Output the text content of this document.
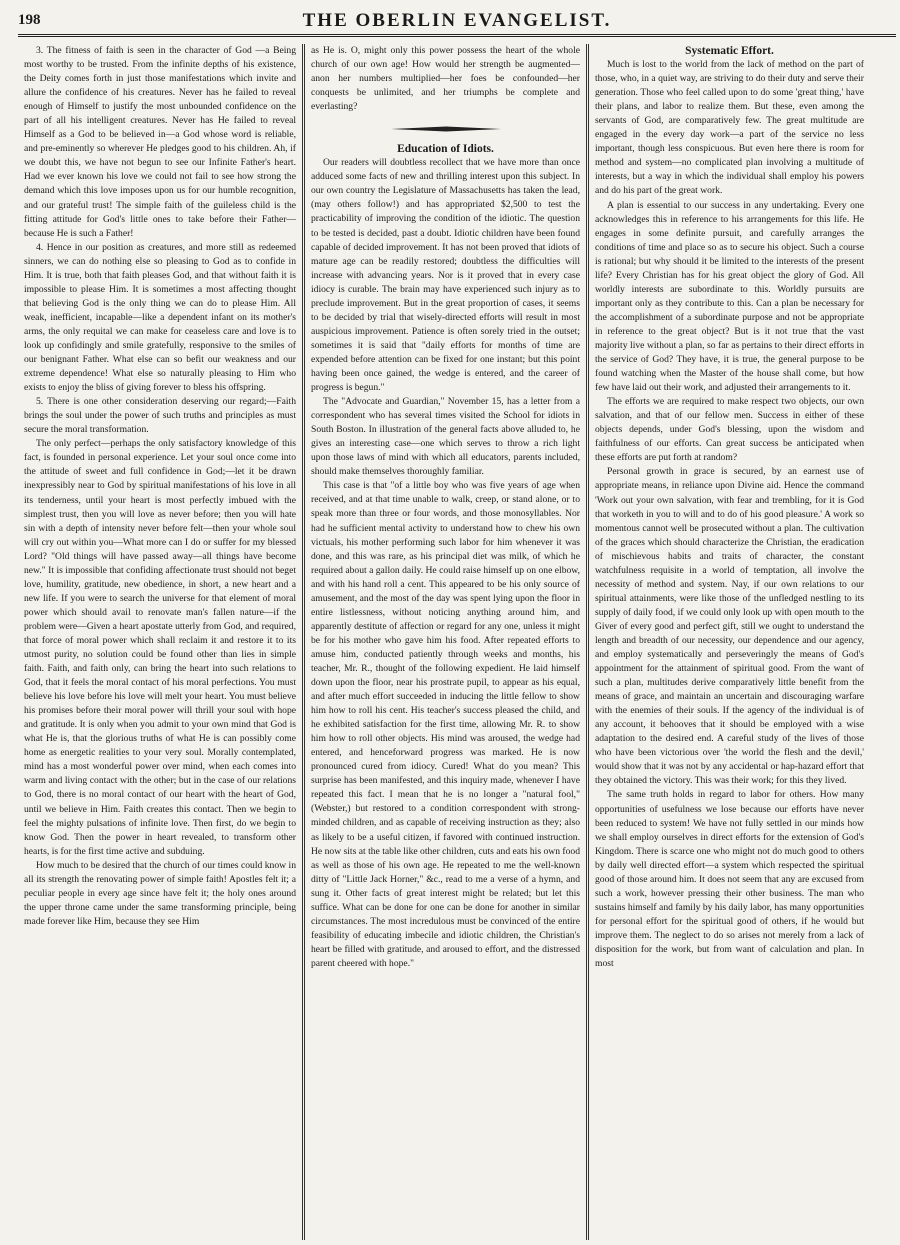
198	THE OBERLIN EVANGELIST.

3. The fitness of faith is seen in the character of God —a Being most worthy to be trusted. From the infinite depths of his existence, the Deity comes forth in just those manifestations which invite and allure the confidence of his creatures. Never has he failed to reveal enough of Himself to justify the most unbounded confidence on the part of all his intelligent creatures. Never has He failed to reveal Himself as a God to be believed in—a God whose word is reliable, and pre-eminently so wherever He pledges good to his children. Ah, if we doubt this, we have not begun to see our Infinite Father's heart. Had we ever known his love we could not fail to see how strong the demand which this love imposes upon us for our humble recognition, and our grateful trust! The simple faith of the guileless child is the fitting attitude for God's little ones to take before their Father—because He is such a Father!

4. Hence in our position as creatures, and more still as redeemed sinners, we can do nothing else so pleasing to God as to confide in Him. It is true, both that faith pleases God, and that without faith it is impossible to please Him. It is sometimes a most affecting thought that believing God is the only thing we can do to please Him. All weak, inefficient, incapable—like a dependent infant on its mother's arms, the only requital we can make for ceaseless care and love is to look up confidingly and smile gratefully, responsive to the smiles of our benignant Father. What else can so befit our weakness and our extreme dependence! What else so naturally pleasing to Him who exists to enjoy the bliss of giving forever to bless his offspring.

5. There is one other consideration deserving our regard;—Faith brings the soul under the power of such truths and principles as must secure the moral transformation.

The only perfect—perhaps the only satisfactory knowledge of this fact, is founded in personal experience. Let your soul once come into the attitude of sweet and full confidence in God;—let it be drawn inexpressibly near to God by spiritual manifestations of his love in all its tenderness, until your heart is most perfectly imbued with the simplest trust, then you will love as never before; then you will hate sin with a depth of intensity never before felt—then your whole soul will cry out within you—What more can I do or suffer for my blessed Lord? "Old things will have passed away—all things have become new." It is impossible that confiding affectionate trust should not beget love, humility, gratitude, new obedience, in short, a new heart and a new life. If you were to search the universe for that element of moral power which should avail to renovate man's fallen nature—if the problem were—Given a heart apostate utterly from God, and required, that force of moral power which shall reclaim it and restore it to its utmost purity, no solution could be found other than lies in simple faith. Faith, and faith only, can bring the heart into such relations to God, that it feels the moral contact of his moral perfections. You must believe his love before his love will melt your heart. You must believe his promises before their moral power will thrill your soul with hope and gratitude. It is only when you admit to your own mind that God is what He is, that the glorious truths of what He is can possibly come home as energetic realities to your very soul. Morally contemplated, mind has a most wonderful power over mind, when each comes into warm and living contact with the other; but in the case of our relations to God, there is no moral contact of our heart with the heart of God, until we believe in Him. Faith creates this contact. Then we begin to feel the mighty pulsations of infinite love. Then first, do we begin to know God. Then the power in heart revealed, to transform other hearts, is for the first time active and subduing.

How much to be desired that the church of our times could know in all its strength the renovating power of simple faith! Apostles felt it; a peculiar people in every age since have felt it; the holy ones around the upper throne came under the same transforming principle, being made forever like Him, because they see Him

as He is. O, might only this power possess the heart of the whole church of our own age! How would her strength be augmented—anon her numbers multiplied—her foes be confounded—her conquests be unlimited, and her triumphs be complete and everlasting?

Education of Idiots.

Our readers will doubtless recollect that we have more than once adduced some facts of new and thrilling interest upon this subject. In our own country the Legislature of Massachusetts has taken the lead, (may others follow!) and has appropriated $2,500 to test the practicability of improving the condition of the idiotic. The question to be tested is decided, past a doubt. Idiotic children have been found capable of decided improvement. It has not been proved that idiots of mature age can be readily restored; doubtless the difficulties will increase with advancing years. Nor is it proved that in every case idiocy is curable. The brain may have experienced such injury as to preclude improvement. But in the great proportion of cases, it seems to be decided by trial that wisely-directed efforts will result in most auspicious improvement. Patience is often sorely tried in the outset; sometimes it is said that "daily efforts for months of time are expended before attention can be fixed for one instant; but this point having been once gained, the wedge is entered, and the career of progress is begun."

The "Advocate and Guardian," November 15, has a letter from a correspondent who has several times visited the School for idiots in South Boston. In illustration of the general facts above alluded to, he gives an interesting case—one which serves to throw a rich light upon those laws of mind with which all educators, parents included, should make themselves thoroughly familiar.

This case is that "of a little boy who was five years of age when received, and at that time unable to walk, creep, or stand alone, or to speak more than three or four words, and those monosyllables. Nor had he sufficient mental activity to understand how to chew his own victuals, his mother performing such labor for him whenever it was done, and this was rare, as his principal diet was milk, of which he required about a gallon daily. He could raise himself up on one elbow, and with his hand roll a cent. This appeared to be his only source of amusement, and the most of the day was spent lying upon the floor in entire listlessness, without noticing anything around him, and apparently destitute of affection or regard for any one, unless it might be for his mother who gave him his food. After repeated efforts to amuse him, conducted patiently through weeks and months, his teacher, Mr. R., thought of the following expedient. He laid himself down upon the floor, near his prostrate pupil, to appear as his equal, and after much effort succeeded in inducing the little fellow to show him how to roll his cent. His teacher's success pleased the child, and he exhibited satisfaction for the first time, allowing Mr. R. to show him how to roll other objects. His mind was aroused, the wedge had entered, and henceforward progress was marked. He is now pronounced cured from idiocy. Cured! What do you mean? This surprise has been manifested, and this inquiry made, whenever I have repeated this fact. I mean that he is no longer a "natural fool," (Webster,) but restored to a condition correspondent with strong-minded children, and as capable of receiving instruction as they; also as likely to be a useful citizen, if favored with continued instruction. He now sits at the table like other children, cuts and eats his own food as well as those of his own age. He repeated to me the well-known ditty of "Little Jack Horner," &c., read to me a verse of a hymn, and sung it. Other facts of great interest might be related; but let this suffice. What can be done for one can be done for another in similar circumstances. The most incredulous must be convinced of the entire feasibility of educating imbecile and idiotic children, the Christian's heart be filled with gratitude, and aroused to effort, and the distressed parent cheered with hope."

Systematic Effort.

Much is lost to the world from the lack of method on the part of those, who, in a quiet way, are striving to do their duty and serve their generation. Those who feel called upon to do some 'great thing,' have their plans, and labor to realize them. But these, even among the servants of God, are comparatively few. The great multitude are engaged in the every day work—a part of the service no less important, though less conspicuous. But even here there is room for method and system—no complicated plan involving a multitude of interests, but a way in which the individual shall employ his powers and do his part of the great work.

A plan is essential to our success in any undertaking. Every one acknowledges this in reference to his arrangements for this life. He engages in some definite pursuit, and carefully arranges the conditions of time and place so as to secure his object. Such a course is rational; but why should it be limited to the interests of the present life? Every Christian has for his great object the glory of God. All worldly interests are subordinate to this. Worldly pursuits are important only as they contribute to this. Can a plan be necessary for the accomplishment of a subordinate purpose and not be appropriate in reference to the great object? But is it not true that the vast majority live without a plan, so far as pertains to their direct efforts in the service of God? They have, it is true, the general purpose to be found watching when the Master of the house shall come, but how few have laid out their work, and adjusted their arrangements to it.

The efforts we are required to make respect two objects, our own salvation, and that of our fellow men. Success in either of these objects depends, under God's blessing, upon the wisdom and faithfulness of our efforts. Can great success be anticipated when these efforts are put forth at random?

Personal growth in grace is secured, by an earnest use of appropriate means, in reliance upon Divine aid. Hence the command 'Work out your own salvation, with fear and trembling, for it is God that worketh in you to will and to do of his good pleasure.' A work so momentous cannot well be prosecuted without a plan. The cultivation of the graces which should characterize the Christian, the eradication of mischievous habits and traits of character, the constant watchfulness requisite in a world of temptation, all involve the necessity of method and system. Nay, if our own relations to our spiritual attainments, were like those of the unfledged nestling to its supply of daily food, if we could only look up with open mouth to the Giver of every good and perfect gift, still we ought to understand the length and breadth of our necessity, our dependence and our agency, and employ systematically and perseveringly the means of God's appointment for the attainment of spiritual good. From the want of such a plan, multitudes derive comparatively little benefit from the means of grace, and maintain an uncertain and discouraging warfare with the enemies of their souls. If the agency of the individual is of any account, it behooves that it should be employed with a wise adaptation to the desired end. A careful study of the lives of those who have been victorious over 'the world the flesh and the devil,' would show that it was not by any accidental or hap-hazard effort that they obtained the victory. This was their work; for this they lived.

The same truth holds in regard to labor for others. How many opportunities of usefulness we lose because our efforts have never been reduced to system! We have not fully settled in our minds how we shall employ ourselves in direct efforts for the extension of God's Kingdom. There is scarce one who might not do much good to others by daily well directed effort—a system which respected the spiritual good of those around him. It does not seem that any are excused from such a work, however pressing their other business. The man who sustains himself and family by his daily labor, has many opportunities for personal effort for the spiritual good of others, if he would but improve them. The neglect to do so arises not merely from a lack of disposition for the work, but from want of calculation and plan. In most
